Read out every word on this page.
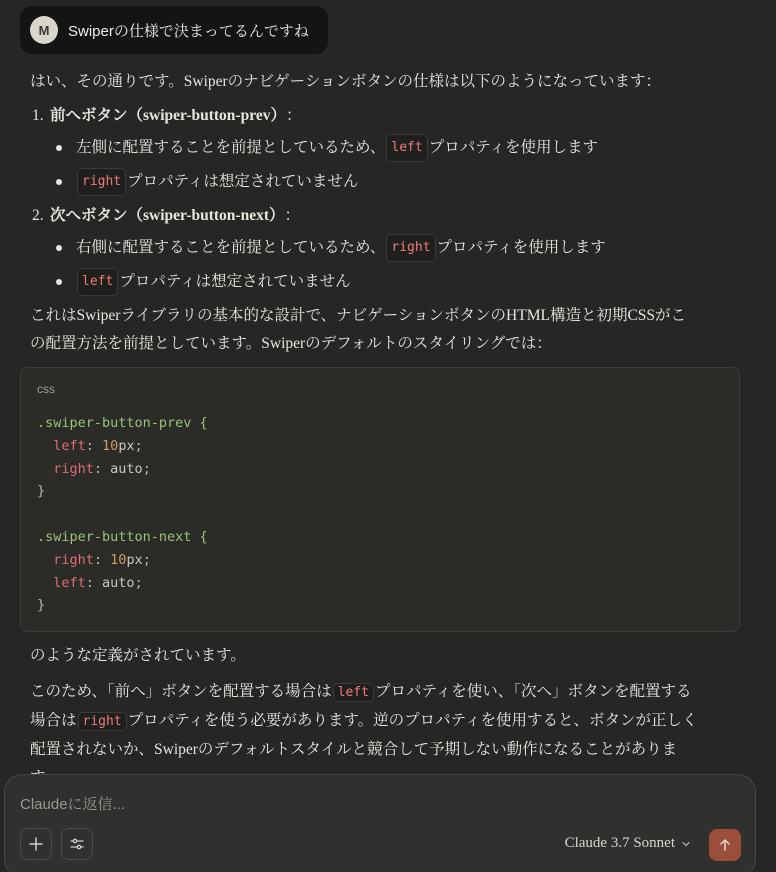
M	Swiperの仕様で決まってるんですね
はい、その通りです。Swiperのナビゲーションボタンの仕様は以下のようになっています：
1. 前へボタン（swiper-button-prev） ：
左側に配置することを前提としているため、 left プロパティを使用します
right プロパティは想定されていません
2. 次へボタン（swiper-button-next） ：
右側に配置することを前提としているため、 right プロパティを使用します
left プロパティは想定されていません
これはSwiperライブラリの基本的な設計で、ナビゲーションボタンのHTML構造と初期CSSがこ
の配置方法を前提としています。Swiperのデフォルトのスタイリングでは：
css
.swiper-button-prev {
left: 10px;
right: auto;
}

.swiper-button-next {
right: 10px;
left: auto;
}
のような定義がされています。
このため、「前へ」ボタンを配置する場合は left プロパティを使い、「次へ」ボタンを配置する
場合は right プロパティを使う必要があります。逆のプロパティを使用すると、ボタンが正しく
配置されないか、Swiperのデフォルトスタイルと競合して予期しない動作になることがありま
Claudeに返信...
Claude 3.7 Sonnet
